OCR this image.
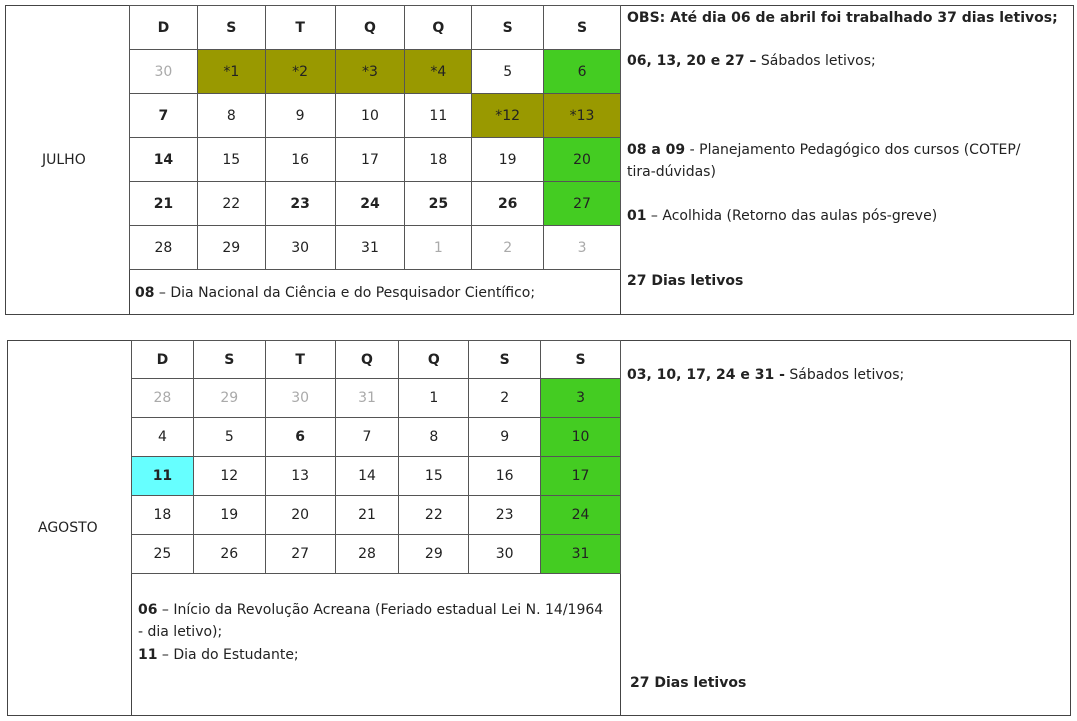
JULHO
D	S	T	Q	Q	S	S
30	*1	*2	*3	*4	5	6
7	8	9	10	11	*12	*13
14	15	16	17	18	19	20
21	22	23	24	25	26	27
28	29	30	31	1	2	3
08 – Dia Nacional da Ciência e do Pesquisador Científico;
OBS: Até dia 06 de abril foi trabalhado 37 dias letivos;
06, 13, 20 e 27 – Sábados letivos;
08 a 09 - Planejamento Pedagógico dos cursos (COTEP/ tira-dúvidas)
01 – Acolhida (Retorno das aulas pós-greve)
27 Dias letivos
AGOSTO
D	S	T	Q	Q	S	S
28	29	30	31	1	2	3
4	5	6	7	8	9	10
11	12	13	14	15	16	17
18	19	20	21	22	23	24
25	26	27	28	29	30	31
06 – Início da Revolução Acreana (Feriado estadual Lei N. 14/1964 - dia letivo);
11 – Dia do Estudante;
03, 10, 17, 24 e 31 - Sábados letivos;
27 Dias letivos
